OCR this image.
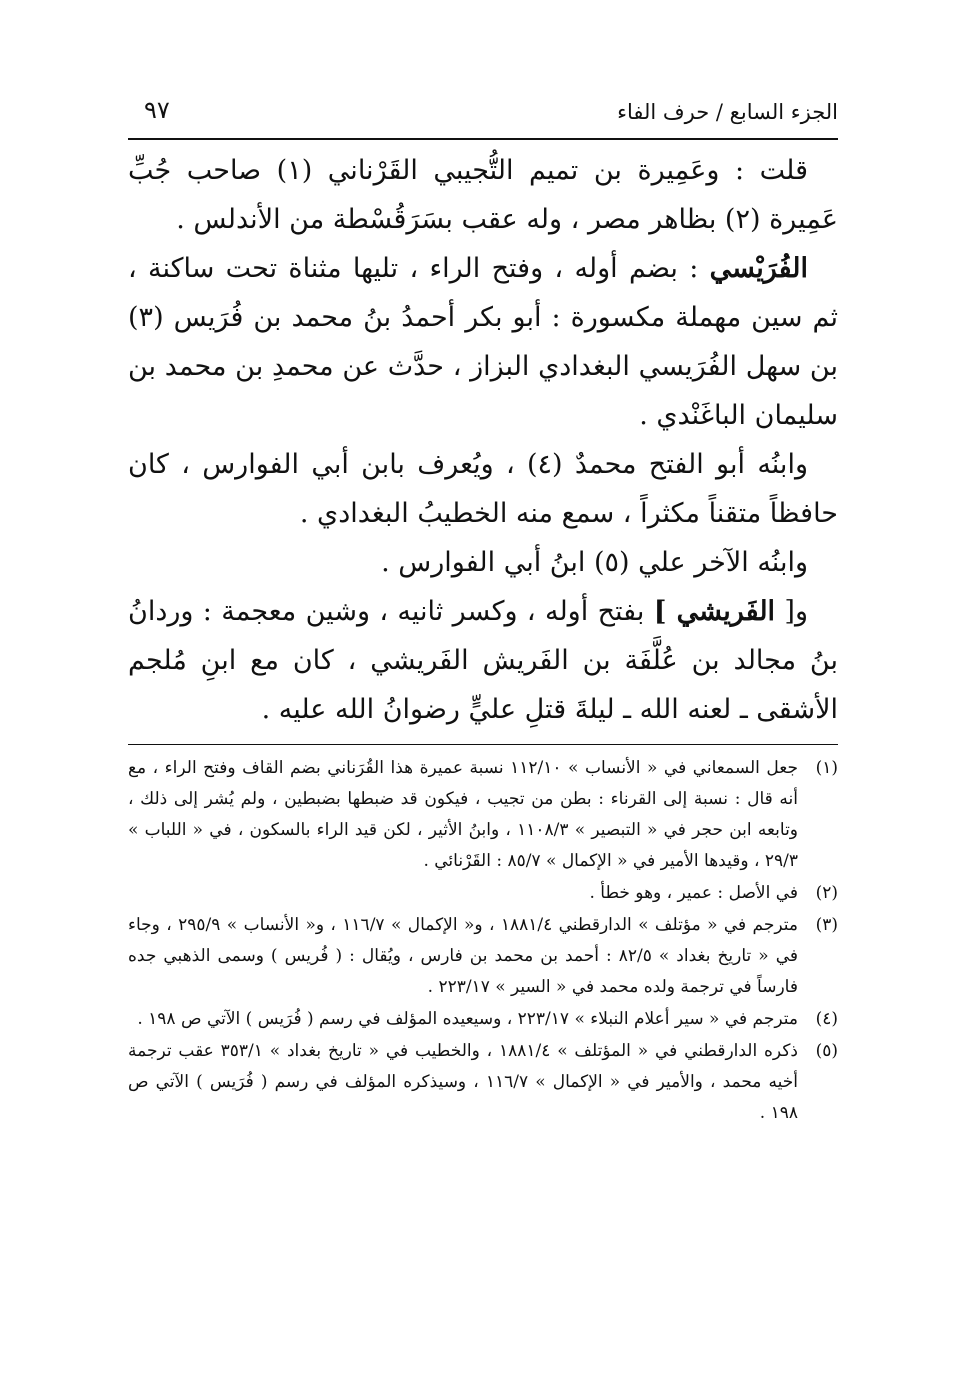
الجزء السابع / حرف الفاء
٩٧

قلت : وعَمِيرة بن تميم التُّجيبي القَرْناني (١) صاحب جُبِّ عَمِيرة (٢) بظاهر مصر ، وله عقب بسَرَقُسْطة من الأندلس .

الفُرَيْسي : بضم أوله ، وفتح الراء ، تليها مثناة تحت ساكنة ، ثم سين مهملة مكسورة : أبو بكر أحمدُ بنُ محمد بن فُرَيس (٣) بن سهل الفُرَيسي البغدادي البزاز ، حدَّث عن محمدِ بن محمد بن سليمان الباغَنْدي .

وابنُه أبو الفتح محمدٌ (٤) ، ويُعرف بابن أبي الفوارس ، كان حافظاً متقناً مكثراً ، سمع منه الخطيبُ البغدادي .

وابنُه الآخر علي (٥) ابنُ أبي الفوارس .

و[ الفَريشي ] بفتح أوله ، وكسر ثانيه ، وشين معجمة : وردانُ بنُ مجالد بن عُلَّفَة بن الفَريش الفَريشي ، كان مع ابنِ مُلجم الأشقى ـ لعنه الله ـ ليلةَ قتلِ عليٍّ رضوانُ الله عليه .

(١)
جعل السمعاني في « الأنساب » ١١٢/١٠ نسبة عميرة هذا القُرَناني بضم القاف وفتح الراء ، مع أنه قال : نسبة إلى القرناء : بطن من تجيب ، فيكون قد ضبطها بضبطين ، ولم يُشر إلى ذلك ، وتابعه ابن حجر في « التبصير » ١١٠٨/٣ ، وابنُ الأثير ، لكن قيد الراء بالسكون ، في « اللباب » ٢٩/٣ ، وقيدها الأمير في « الإكمال » ٨٥/٧ : القَرْنائي .
(٢)
في الأصل : عمير ، وهو خطأ .
(٣)
مترجم في « مؤتلف » الدارقطني ١٨٨١/٤ ، و« الإكمال » ١١٦/٧ ، و« الأنساب » ٢٩٥/٩ ، وجاء في « تاريخ بغداد » ٨٢/٥ : أحمد بن محمد بن فارس ، ويُقال : ( فُريس ) وسمى الذهبي جده فارساً في ترجمة ولده محمد في « السير » ٢٢٣/١٧ .
(٤)
مترجم في « سير أعلام النبلاء » ٢٢٣/١٧ ، وسيعيده المؤلف في رسم ( فُرَيس ) الآتي ص ١٩٨ .
(٥)
ذكره الدارقطني في « المؤتلف » ١٨٨١/٤ ، والخطيب في « تاريخ بغداد » ٣٥٣/١ عقب ترجمة أخيه محمد ، والأمير في « الإكمال » ١١٦/٧ ، وسيذكره المؤلف في رسم ( فُرَيس ) الآتي ص ١٩٨ .
